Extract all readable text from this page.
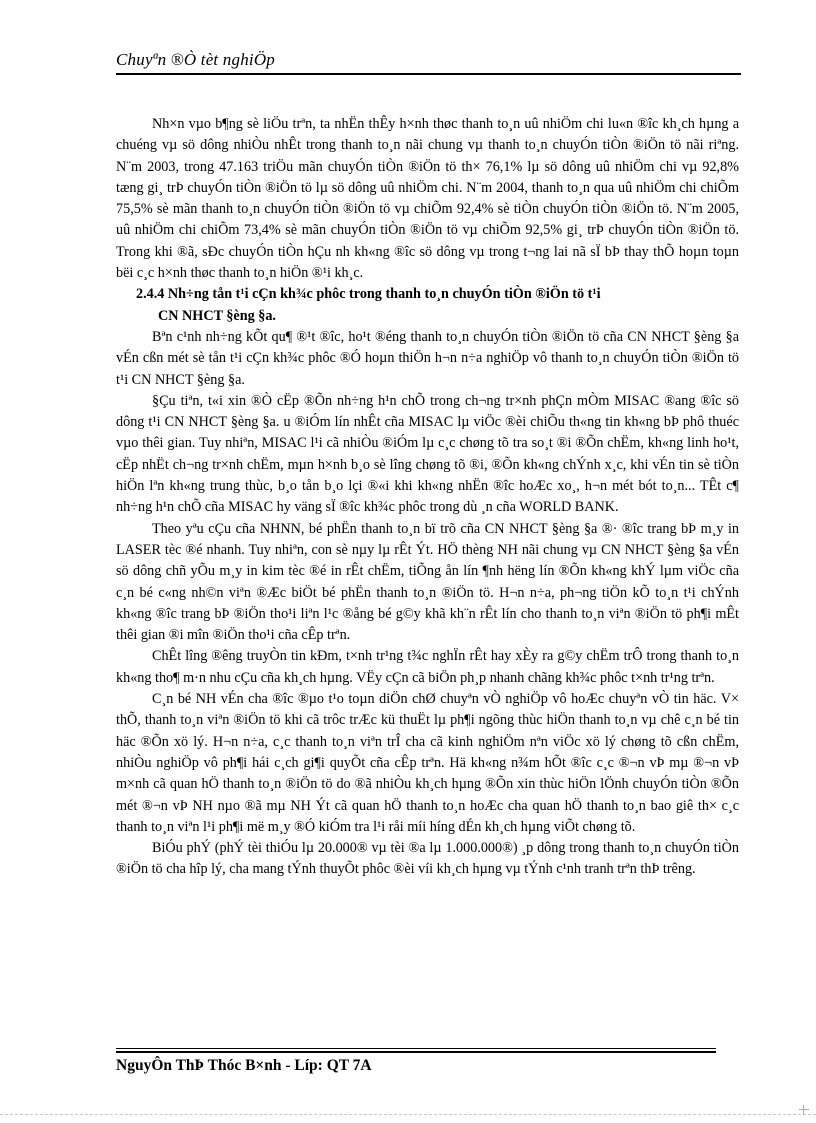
Chuyªn ®Ò tèt nghiÖp

Nh×n vµo b¶ng sè liÖu trªn, ta nhËn thÊy h×nh thøc thanh to¸n uû nhiÖm chi lu«n ®îc kh¸ch hµng a chuéng vµ sö dông nhiÒu nhÊt trong thanh to¸n nãi chung vµ thanh to¸n chuyÓn tiÒn ®iÖn tö nãi riªng. N¨m 2003, trong 47.163 triÖu mãn chuyÓn tiÒn ®iÖn tö th× 76,1% lµ sö dông uû nhiÖm chi vµ 92,8% tæng gi¸ trÞ chuyÓn tiÒn ®iÖn tö lµ sö dông uû nhiÖm chi. N¨m 2004, thanh to¸n qua uû nhiÖm chi chiÕm 75,5% sè mãn thanh to¸n chuyÓn tiÒn ®iÖn tö vµ chiÕm 92,4% sè tiÒn chuyÓn tiÒn ®iÖn tö. N¨m 2005, uû nhiÖm chi chiÕm 73,4% sè mãn chuyÓn tiÒn ®iÖn tö vµ chiÕm 92,5% gi¸ trÞ chuyÓn tiÒn ®iÖn tö. Trong khi ®ã, sÐc chuyÓn tiÒn hÇu nh kh«ng ®îc sö dông vµ trong t¬ng lai nã sÏ bÞ thay thÕ hoµn toµn bëi c¸c h×nh thøc thanh to¸n hiÖn ®¹i kh¸c.

2.4.4 Nh÷ng tån t¹i cÇn kh¾c phôc trong thanh to¸n chuyÓn tiÒn ®iÖn tö t¹i
CN NHCT §èng §a.

Bªn c¹nh nh÷ng kÕt qu¶ ®¹t ®îc, ho¹t ®éng thanh to¸n chuyÓn tiÒn ®iÖn tö cña CN NHCT §èng §a vÉn cßn mét sè tån t¹i cÇn kh¾c phôc ®Ó hoµn thiÖn h¬n n÷a nghiÖp vô thanh to¸n chuyÓn tiÒn ®iÖn tö t¹i CN NHCT §èng §a.

§Çu tiªn, t«i xin ®Ò cËp ®Õn nh÷ng h¹n chÕ trong ch¬ng tr×nh phÇn mÒm MISAC ®ang ®îc sö dông t¹i CN NHCT §èng §a. u ®iÓm lín nhÊt cña MISAC lµ viÖc ®èi chiÕu th«ng tin kh«ng bÞ phô thuéc vµo thêi gian. Tuy nhiªn, MISAC l¹i cã nhiÒu ®iÓm lµ c¸c chøng tõ tra so¸t ®i ®Õn chËm, kh«ng linh ho¹t, cËp nhËt ch¬ng tr×nh chËm, mµn h×nh b¸o sè lîng chøng tõ ®i, ®Õn kh«ng chÝnh x¸c, khi vÉn tin sè tiÒn hiÖn lªn kh«ng trung thùc, b¸o tån b¸o lçi ®«i khi kh«ng nhËn ®îc hoÆc xo¸, h¬n mét bót to¸n... TÊt c¶ nh÷ng h¹n chÕ cña MISAC hy väng sÏ ®îc kh¾c phôc trong dù ¸n cña WORLD BANK.

Theo yªu cÇu cña NHNN, bé phËn thanh to¸n bï trõ cña CN NHCT §èng §a ®· ®îc trang bÞ m¸y in LASER tèc ®é nhanh. Tuy nhiªn, con sè nµy lµ rÊt Ýt. HÖ thèng NH nãi chung vµ CN NHCT §èng §a vÉn sö dông chñ yÕu m¸y in kim tèc ®é in rÊt chËm, tiÕng ån lín ¶nh hëng lín ®Õn kh«ng khÝ lµm viÖc cña c¸n bé c«ng nh©n viªn ®Æc biÖt bé phËn thanh to¸n ®iÖn tö. H¬n n÷a, ph¬ng tiÖn kÕ to¸n t¹i chÝnh kh«ng ®îc trang bÞ ®iÖn tho¹i liªn l¹c ®ång bé g©y khã kh¨n rÊt lín cho thanh to¸n viªn ®iÖn tö ph¶i mÊt thêi gian ®i mîn ®iÖn tho¹i cña cÊp trªn.

ChÊt lîng ®êng truyÒn tin kÐm, t×nh tr¹ng t¾c nghÏn rÊt hay xÈy ra g©y chËm trÔ trong thanh to¸n kh«ng tho¶ m·n nhu cÇu cña kh¸ch hµng. VËy cÇn cã biÖn ph¸p nhanh chãng kh¾c phôc t×nh tr¹ng trªn.

C¸n bé NH vÉn cha ®îc ®µo t¹o toµn diÖn chØ chuyªn vÒ nghiÖp vô hoÆc chuyªn vÒ tin häc. V× thÕ, thanh to¸n viªn ®iÖn tö khi cã trôc trÆc kü thuËt lµ ph¶i ngõng thùc hiÖn thanh to¸n vµ chê c¸n bé tin häc ®Õn xö lý. H¬n n÷a, c¸c thanh to¸n viªn trÎ cha cã kinh nghiÖm nªn viÖc xö lý chøng tõ cßn chËm, nhiÒu nghiÖp vô ph¶i hái c¸ch gi¶i quyÕt cña cÊp trªn. Hä kh«ng n¾m hÕt ®îc c¸c ®¬n vÞ mµ ®¬n vÞ m×nh cã quan hÖ thanh to¸n ®iÖn tö do ®ã nhiÒu kh¸ch hµng ®Õn xin thùc hiÖn lÖnh chuyÓn tiÒn ®Õn mét ®¬n vÞ NH nµo ®ã mµ NH Ýt cã quan hÖ thanh to¸n hoÆc cha quan hÖ thanh to¸n bao giê th× c¸c thanh to¸n viªn l¹i ph¶i më m¸y ®Ó kiÓm tra l¹i råi míi híng dÉn kh¸ch hµng viÕt chøng tõ.

BiÓu phÝ (phÝ tèi thiÓu lµ 20.000® vµ tèi ®a lµ 1.000.000®) ¸p dông trong thanh to¸n chuyÓn tiÒn ®iÖn tö cha hîp lý, cha mang tÝnh thuyÕt phôc ®èi víi kh¸ch hµng vµ tÝnh c¹nh tranh trªn thÞ trêng.

NguyÔn ThÞ Thóc B×nh - Líp: QT 7A
